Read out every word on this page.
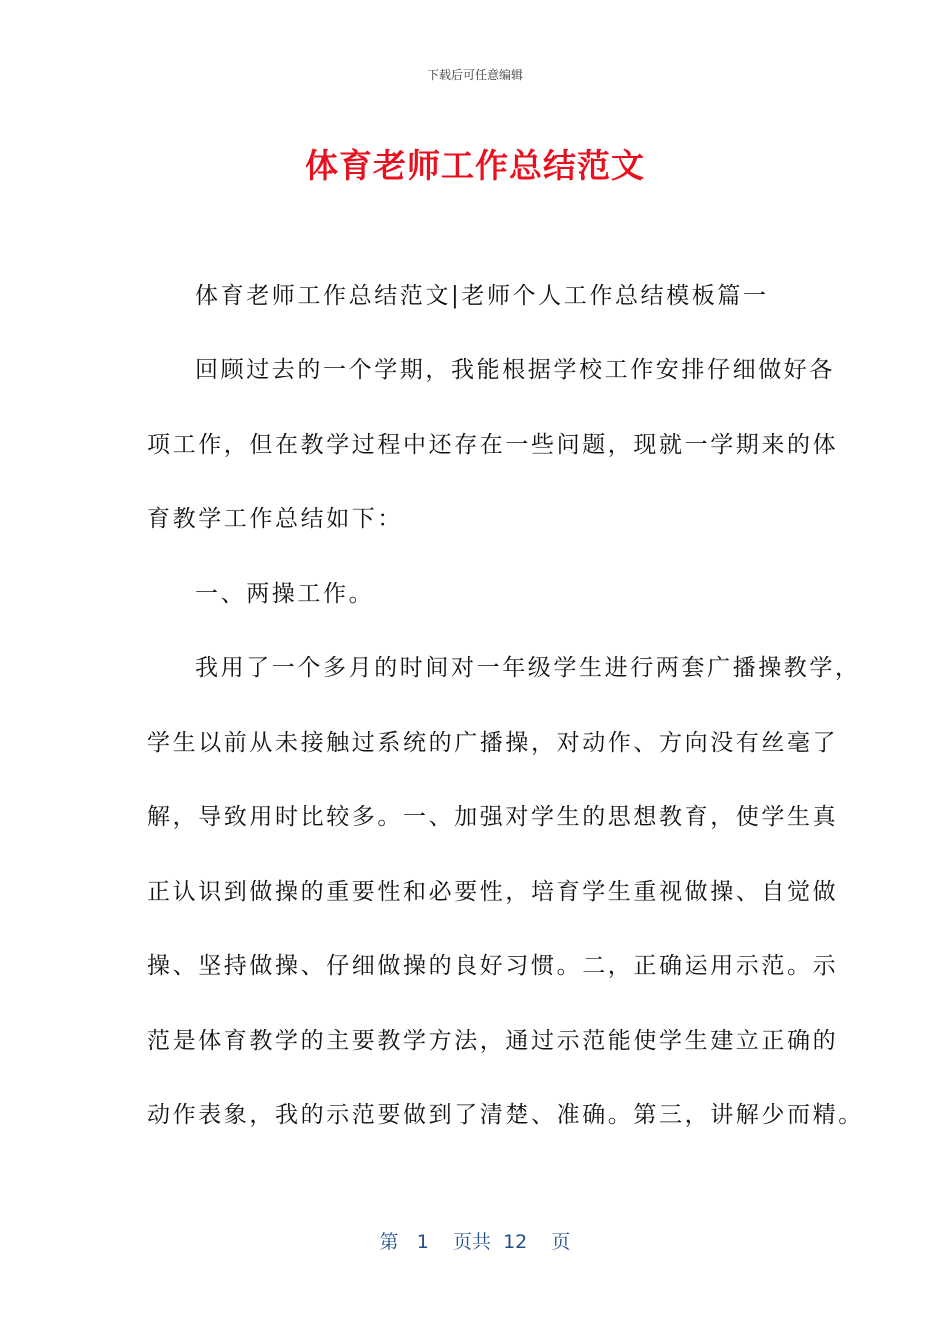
下载后可任意编辑
体育老师工作总结范文
体育老师工作总结范文|老师个人工作总结模板篇一
回顾过去的一个学期，我能根据学校工作安排仔细做好各
项工作，但在教学过程中还存在一些问题，现就一学期来的体
育教学工作总结如下：
一、两操工作。
我用了一个多月的时间对一年级学生进行两套广播操教学，
学生以前从未接触过系统的广播操，对动作、方向没有丝毫了
解，导致用时比较多。一、加强对学生的思想教育，使学生真
正认识到做操的重要性和必要性，培育学生重视做操、自觉做
操、坚持做操、仔细做操的良好习惯。二，正确运用示范。示
范是体育教学的主要教学方法，通过示范能使学生建立正确的
动作表象，我的示范要做到了清楚、准确。第三，讲解少而精。
第 1 页共 12 页
